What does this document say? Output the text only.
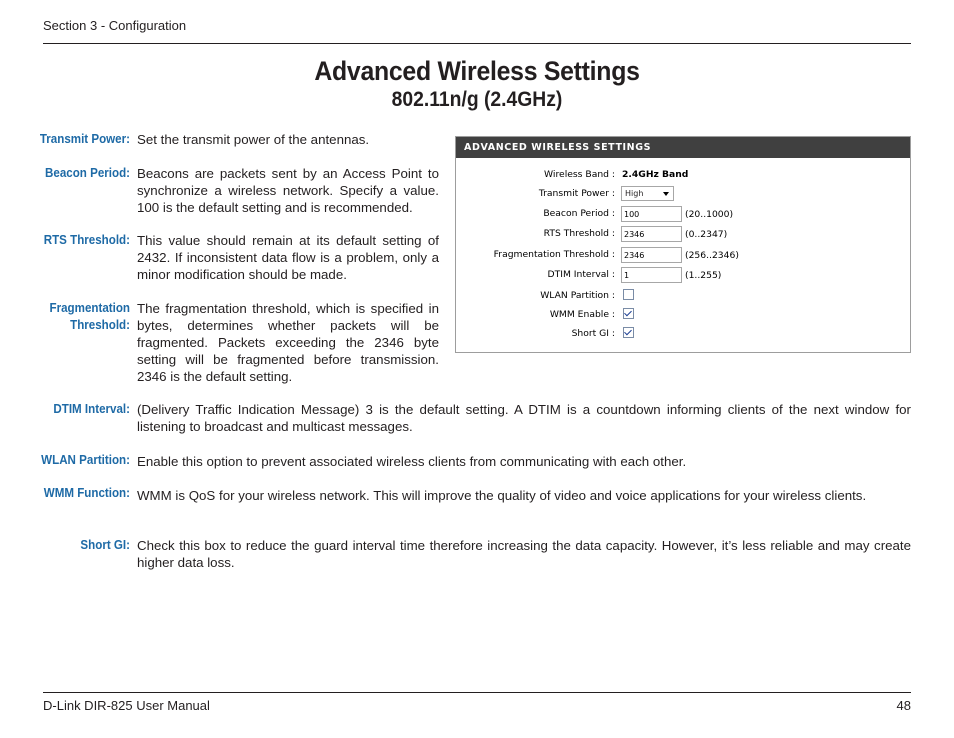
Section 3 - Configuration
Advanced Wireless Settings
802.11n/g (2.4GHz)
Transmit Power: Set the transmit power of the antennas.
Beacon Period: Beacons are packets sent by an Access Point to synchronize a wireless network. Specify a value. 100 is the default setting and is recommended.
RTS Threshold: This value should remain at its default setting of 2432. If inconsistent data flow is a problem, only a minor modification should be made.
Fragmentation
Threshold:
The fragmentation threshold, which is specified in bytes, determines whether packets will be fragmented. Packets exceeding the 2346 byte setting will be fragmented before transmission. 2346 is the default setting.
DTIM Interval: (Delivery Traffic Indication Message) 3 is the default setting. A DTIM is a countdown informing clients of the next window for listening to broadcast and multicast messages.
WLAN Partition: Enable this option to prevent associated wireless clients from communicating with each other.
WMM Function: WMM is QoS for your wireless network. This will improve the quality of video and voice applications for your wireless clients.
Short GI: Check this box to reduce the guard interval time therefore increasing the data capacity. However, it’s less reliable and may create higher data loss.
ADVANCED WIRELESS SETTINGS
Wireless Band : 2.4GHz Band
Transmit Power :	High
Beacon Period :
100	(20..1000)
RTS Threshold :
2346	(0..2347)
Fragmentation Threshold :
2346	(256..2346)
DTIM Interval :
1	(1..255)
WLAN Partition :
WMM Enable :
Short GI :
D-Link DIR-825 User Manual	48
